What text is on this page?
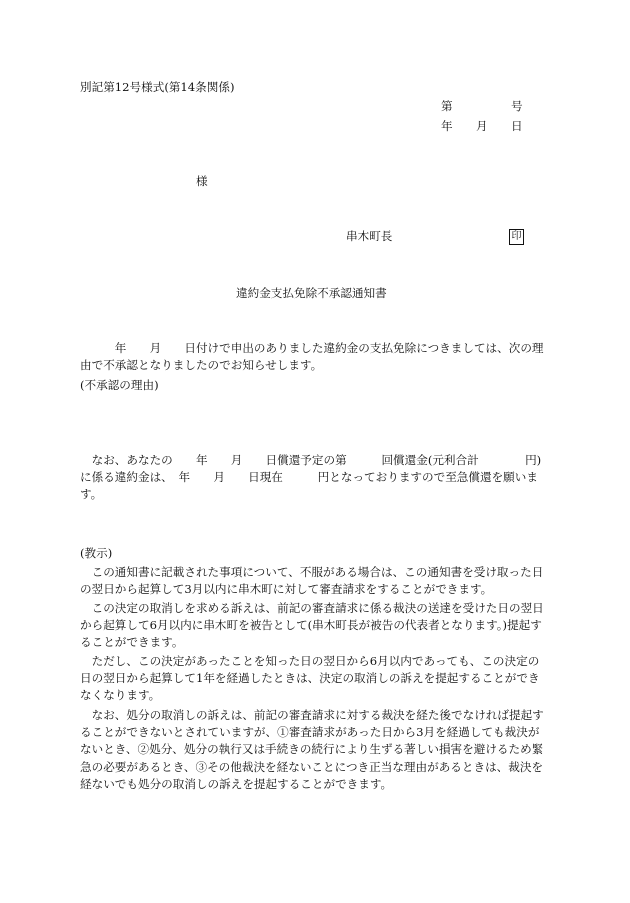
別記第12号様式(第14条関係)
第	号
年 月 日
様
串木町長	印
違約金支払免除不承認通知書
　　　年　　月　　日付けで申出のありました違約金の支払免除につきましては、次の理由で不承認となりましたのでお知らせします。
(不承認の理由)
　なお、あなたの　　年　　月　　日償還予定の第　　　回償還金(元利合計　　　　円)に係る違約金は、　年　　月　　日現在　　　円となっておりますので至急償還を願います。
(教示)
　この通知書に記載された事項について、不服がある場合は、この通知書を受け取った日の翌日から起算して3月以内に串木町に対して審査請求をすることができます。
　この決定の取消しを求める訴えは、前記の審査請求に係る裁決の送達を受けた日の翌日から起算して6月以内に串木町を被告として(串木町長が被告の代表者となります。)提起することができます。
　ただし、この決定があったことを知った日の翌日から6月以内であっても、この決定の日の翌日から起算して1年を経過したときは、決定の取消しの訴えを提起することができなくなります。
　なお、処分の取消しの訴えは、前記の審査請求に対する裁決を経た後でなければ提起することができないとされていますが、①審査請求があった日から3月を経過しても裁決がないとき、②処分、処分の執行又は手続きの続行により生ずる著しい損害を避けるため緊急の必要があるとき、③その他裁決を経ないことにつき正当な理由があるときは、裁決を経ないでも処分の取消しの訴えを提起することができます。
